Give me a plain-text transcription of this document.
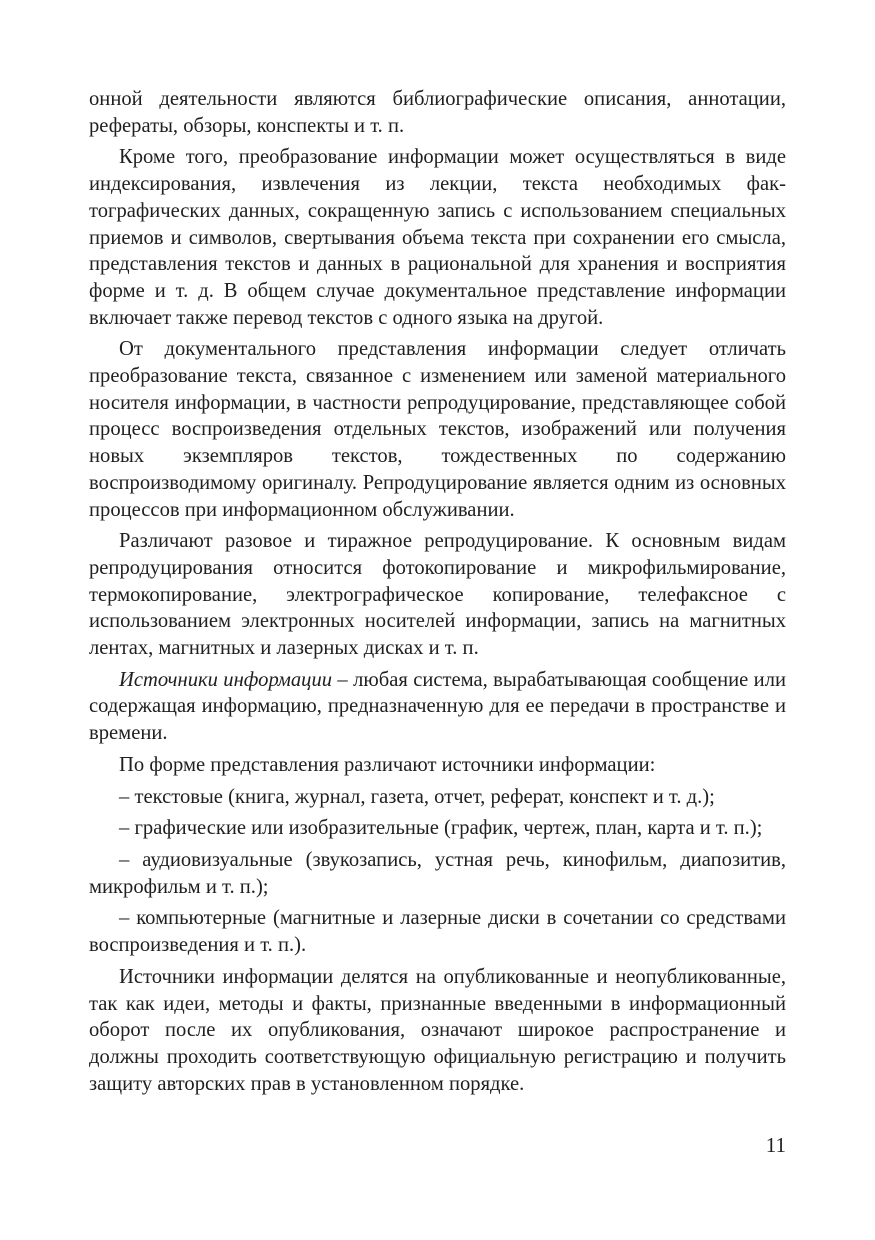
онной деятельности являются библиографические описания, аннотации, рефераты, обзоры, конспекты и т. п.

Кроме того, преобразование информации может осуществляться в виде индексирования, извлечения из лекции, текста необходимых фактографических данных, сокращенную запись с использованием специальных приемов и символов, свертывания объема текста при сохранении его смысла, представления текстов и данных в рациональной для хранения и восприятия форме и т. д. В общем случае документальное представление информации включает также перевод текстов с одного языка на другой.

От документального представления информации следует отличать преобразование текста, связанное с изменением или заменой материального носителя информации, в частности репродуцирование, представляющее собой процесс воспроизведения отдельных текстов, изображений или получения новых экземпляров текстов, тождественных по содержанию воспроизводимому оригиналу. Репродуцирование является одним из основных процессов при информационном обслуживании.

Различают разовое и тиражное репродуцирование. К основным видам репродуцирования относится фотокопирование и микрофильмирование, термокопирование, электрографическое копирование, телефаксное с использованием электронных носителей информации, запись на магнитных лентах, магнитных и лазерных дисках и т. п.

Источники информации – любая система, вырабатывающая сообщение или содержащая информацию, предназначенную для ее передачи в пространстве и времени.

По форме представления различают источники информации:

– текстовые (книга, журнал, газета, отчет, реферат, конспект и т. д.);

– графические или изобразительные (график, чертеж, план, карта и т. п.);

– аудиовизуальные (звукозапись, устная речь, кинофильм, диапозитив, микрофильм и т. п.);

– компьютерные (магнитные и лазерные диски в сочетании со средствами воспроизведения и т. п.).

Источники информации делятся на опубликованные и неопубликованные, так как идеи, методы и факты, признанные введенными в информационный оборот после их опубликования, означают широкое распространение и должны проходить соответствующую официальную регистрацию и получить защиту авторских прав в установленном порядке.

11
